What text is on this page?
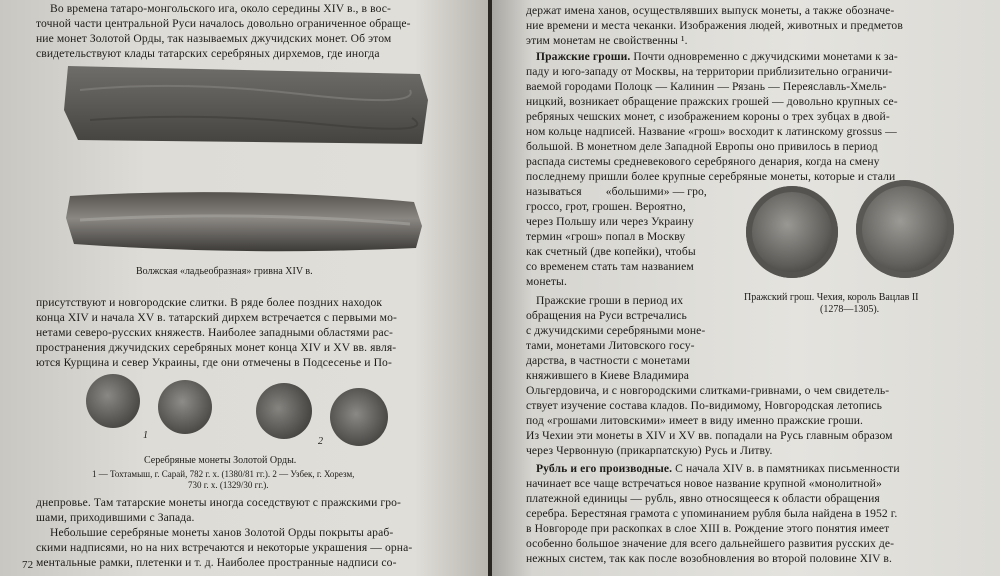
Во времена татаро-монгольского ига, около середины XIV в., в вос-
точной части центральной Руси началось довольно ограниченное обраще-
ние монет Золотой Орды, так называемых джучидских монет. Об этом
свидетельствуют клады татарских серебряных дирхемов, где иногда
Волжская «ладьеобразная» гривна XIV в.
присутствуют и новгородские слитки. В ряде более поздних находок
конца XIV и начала XV в. татарский дирхем встречается с первыми мо-
нетами северо-русских княжеств. Наиболее западными областями рас-
пространения джучидских серебряных монет конца XIV и XV вв. явля-
ются Курщина и север Украины, где они отмечены в Подсесенье и По-
1
2
Серебряные монеты Золотой Орды.
1 — Тохтамыш, г. Сарай, 782 г. х. (1380/81 гг.). 2 — Узбек, г. Хорезм,
730 г. х. (1329/30 гг.).
днепровье. Там татарские монеты иногда соседствуют с пражскими гро-
шами, приходившими с Запада.
Небольшие серебряные монеты ханов Золотой Орды покрыты араб-
скими надписями, но на них встречаются и некоторые украшения — орна-
ментальные рамки, плетенки и т. д. Наиболее пространные надписи со-
72
держат имена ханов, осуществлявших выпуск монеты, а также обозначе-
ние времени и места чеканки. Изображения людей, животных и предметов
этим монетам не свойственны ¹.
Пражские гроши. Почти одновременно с джучидскими монетами к за-
паду и юго-западу от Москвы, на территории приблизительно ограничи-
ваемой городами Полоцк — Калинин — Рязань — Переяславль-Хмель-
ницкий, возникает обращение пражских грошей — довольно крупных се-
ребряных чешских монет, с изображением короны о трех зубцах в двой-
ном кольце надписей. Название «грош» восходит к латинскому grossus —
большой. В монетном деле Западной Европы оно привилось в период
распада системы средневекового серебряного денария, когда на смену
последнему пришли более крупные серебряные монеты, которые и стали
называться        «большими» — гро,
гроссо, грот, грошен. Вероятно,
через Польшу или через Украину
термин «грош» попал в Москву
как счетный (две копейки), чтобы
со временем стать там названием
монеты.
Пражские гроши в период их
обращения на Руси встречались
с джучидскими серебряными моне-
тами, монетами Литовского госу-
дарства, в частности с монетами
княжившего в Киеве Владимира
Пражский грош. Чехия, король Вацлав II
(1278—1305).
Ольгердовича, и с новгородскими слитками-гривнами, о чем свидетель-
ствует изучение состава кладов. По-видимому, Новгородская летопись
под «грошами литовскими» имеет в виду именно пражские гроши.
Из Чехии эти монеты в XIV и XV вв. попадали на Русь главным образом
через Червонную (прикарпатскую) Русь и Литву.
Рубль и его производные. С начала XIV в. в памятниках письменности
начинает все чаще встречаться новое название крупной «монолитной»
платежной единицы — рубль, явно относящееся к области обращения
серебра. Берестяная грамота с упоминанием рубля была найдена в 1952 г.
в Новгороде при раскопках в слое XIII в. Рождение этого понятия имеет
особенно большое значение для всего дальнейшего развития русских де-
нежных систем, так как после возобновления во второй половине XIV в.
